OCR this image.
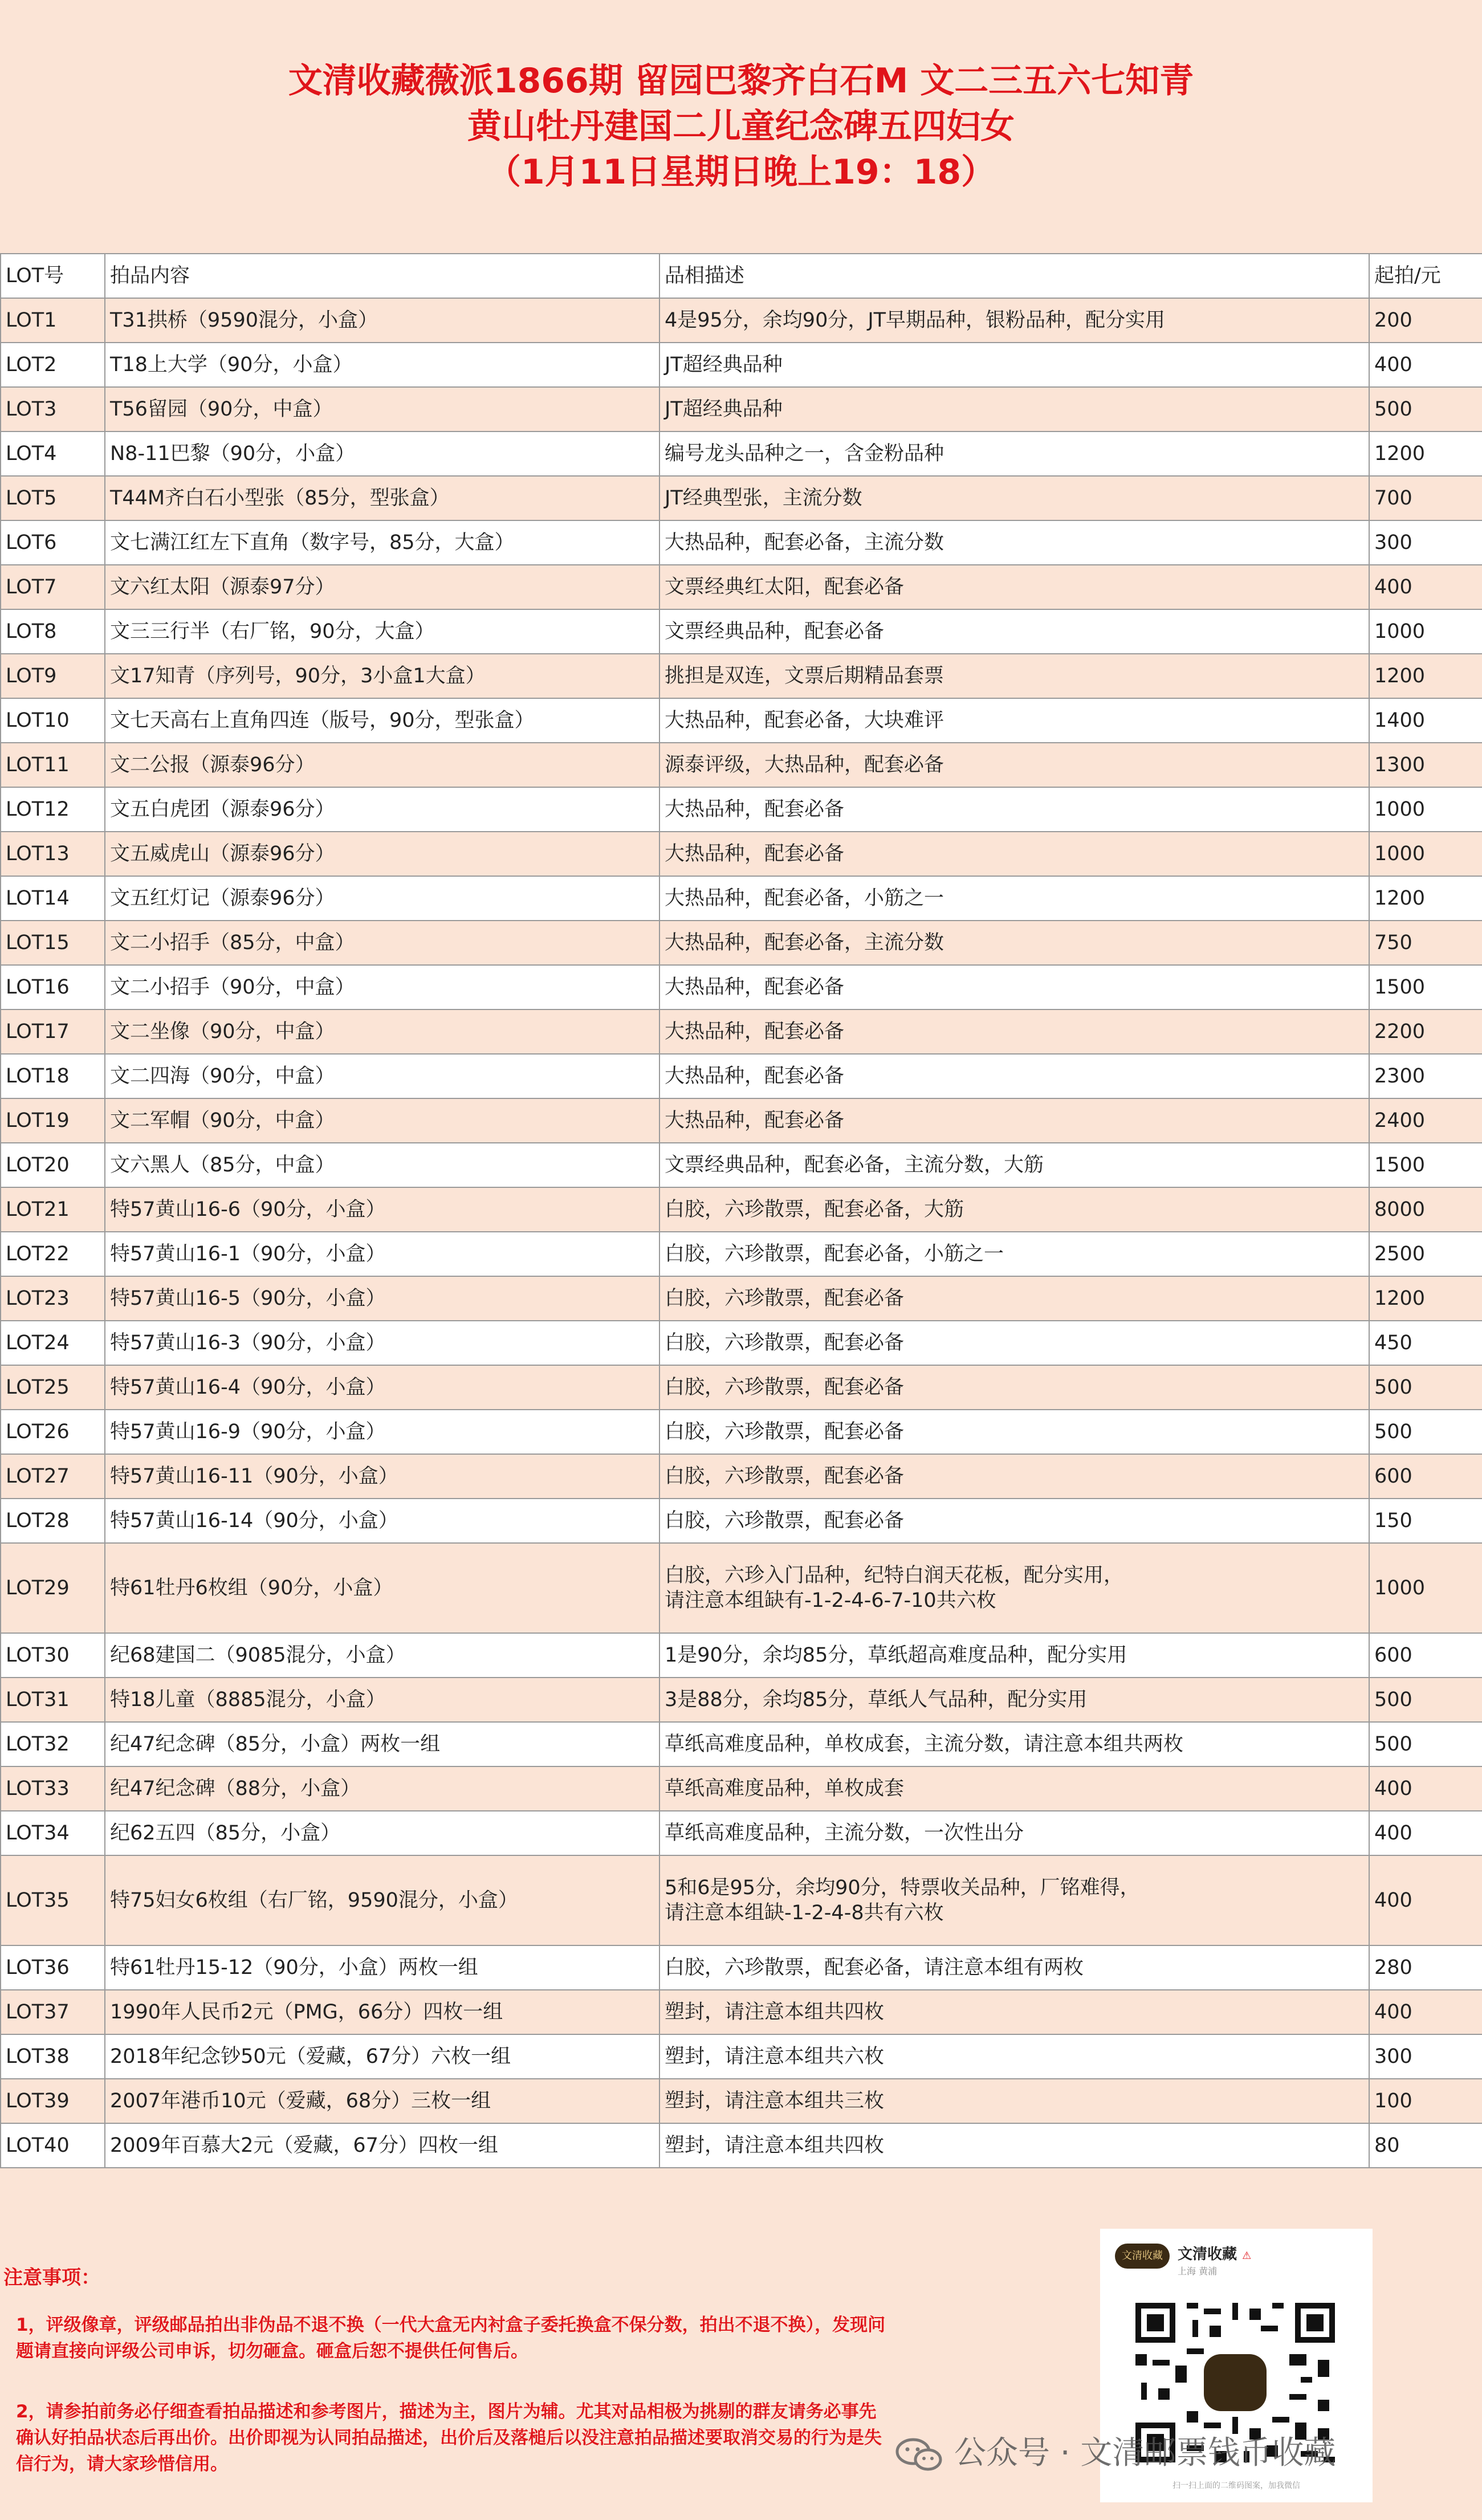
文清收藏薇派1866期 留园巴黎齐白石M 文二三五六七知青
黄山牡丹建国二儿童纪念碑五四妇女
（1月11日星期日晚上19：18）
LOT号	拍品内容	品相描述	起拍/元
LOT1	T31拱桥（9590混分，小盒）	4是95分，余均90分，JT早期品种，银粉品种，配分实用	200
LOT2	T18上大学（90分，小盒）	JT超经典品种	400
LOT3	T56留园（90分，中盒）	JT超经典品种	500
LOT4	N8-11巴黎（90分，小盒）	编号龙头品种之一，含金粉品种	1200
LOT5	T44M齐白石小型张（85分，型张盒）	JT经典型张，主流分数	700
LOT6	文七满江红左下直角（数字号，85分，大盒）	大热品种，配套必备，主流分数	300
LOT7	文六红太阳（源泰97分）	文票经典红太阳，配套必备	400
LOT8	文三三行半（右厂铭，90分，大盒）	文票经典品种，配套必备	1000
LOT9	文17知青（序列号，90分，3小盒1大盒）	挑担是双连，文票后期精品套票	1200
LOT10	文七天高右上直角四连（版号，90分，型张盒）	大热品种，配套必备，大块难评	1400
LOT11	文二公报（源泰96分）	源泰评级，大热品种，配套必备	1300
LOT12	文五白虎团（源泰96分）	大热品种，配套必备	1000
LOT13	文五威虎山（源泰96分）	大热品种，配套必备	1000
LOT14	文五红灯记（源泰96分）	大热品种，配套必备，小筋之一	1200
LOT15	文二小招手（85分，中盒）	大热品种，配套必备，主流分数	750
LOT16	文二小招手（90分，中盒）	大热品种，配套必备	1500
LOT17	文二坐像（90分，中盒）	大热品种，配套必备	2200
LOT18	文二四海（90分，中盒）	大热品种，配套必备	2300
LOT19	文二军帽（90分，中盒）	大热品种，配套必备	2400
LOT20	文六黑人（85分，中盒）	文票经典品种，配套必备，主流分数，大筋	1500
LOT21	特57黄山16-6（90分，小盒）	白胶，六珍散票，配套必备，大筋	8000
LOT22	特57黄山16-1（90分，小盒）	白胶，六珍散票，配套必备，小筋之一	2500
LOT23	特57黄山16-5（90分，小盒）	白胶，六珍散票，配套必备	1200
LOT24	特57黄山16-3（90分，小盒）	白胶，六珍散票，配套必备	450
LOT25	特57黄山16-4（90分，小盒）	白胶，六珍散票，配套必备	500
LOT26	特57黄山16-9（90分，小盒）	白胶，六珍散票，配套必备	500
LOT27	特57黄山16-11（90分，小盒）	白胶，六珍散票，配套必备	600
LOT28	特57黄山16-14（90分，小盒）	白胶，六珍散票，配套必备	150
LOT29	特61牡丹6枚组（90分，小盒）	白胶，六珍入门品种，纪特白润天花板，配分实用，
请注意本组缺有-1-2-4-6-7-10共六枚	1000
LOT30	纪68建国二（9085混分，小盒）	1是90分，余均85分，草纸超高难度品种，配分实用	600
LOT31	特18儿童（8885混分，小盒）	3是88分，余均85分，草纸人气品种，配分实用	500
LOT32	纪47纪念碑（85分，小盒）两枚一组	草纸高难度品种，单枚成套，主流分数，请注意本组共两枚	500
LOT33	纪47纪念碑（88分，小盒）	草纸高难度品种，单枚成套	400
LOT34	纪62五四（85分，小盒）	草纸高难度品种，主流分数，一次性出分	400
LOT35	特75妇女6枚组（右厂铭，9590混分，小盒）	5和6是95分，余均90分，特票收关品种，厂铭难得，
请注意本组缺-1-2-4-8共有六枚	400
LOT36	特61牡丹15-12（90分，小盒）两枚一组	白胶，六珍散票，配套必备，请注意本组有两枚	280
LOT37	1990年人民币2元（PMG，66分）四枚一组	塑封，请注意本组共四枚	400
LOT38	2018年纪念钞50元（爱藏，67分）六枚一组	塑封，请注意本组共六枚	300
LOT39	2007年港币10元（爱藏，68分）三枚一组	塑封，请注意本组共三枚	100
LOT40	2009年百慕大2元（爱藏，67分）四枚一组	塑封，请注意本组共四枚	80
注意事项：
1，评级像章，评级邮品拍出非伪品不退不换（一代大盒无内衬盒子委托换盒不保分数，拍出不退不换），发现问题请直接向评级公司申诉，切勿砸盒。砸盒后恕不提供任何售后。
2，请参拍前务必仔细查看拍品描述和参考图片，描述为主，图片为辅。尤其对品相极为挑剔的群友请务必事先确认好拍品状态后再出价。出价即视为认同拍品描述，出价后及落槌后以没注意拍品描述要取消交易的行为是失信行为，请大家珍惜信用。
文清收藏	文清收藏 ⚠
上海 黄浦
扫一扫上面的二维码图案，加我微信
公众号 · 文清邮票钱币收藏
